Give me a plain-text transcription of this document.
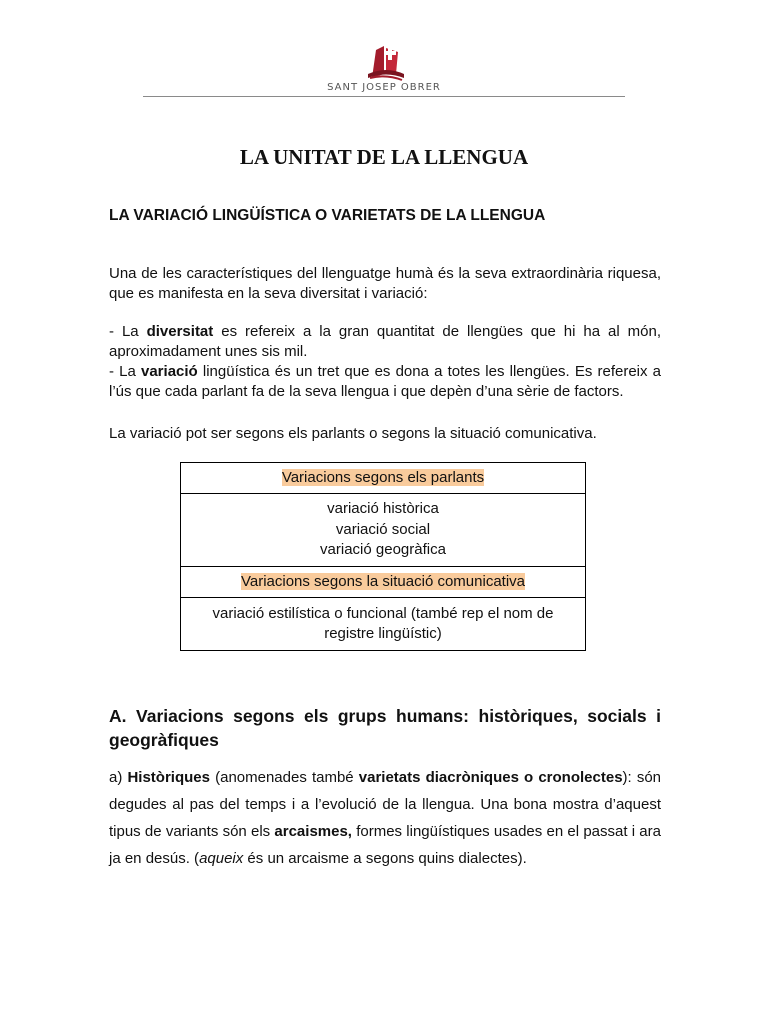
SANT JOSEP OBRER
LA UNITAT DE LA LLENGUA
LA VARIACIÓ LINGÜÍSTICA O VARIETATS DE LA LLENGUA

Una de les característiques del llenguatge humà és la seva extraordinària riquesa, que es manifesta en la seva diversitat i variació:

- La diversitat es refereix a la gran quantitat de llengües que hi ha al món, aproximadament unes sis mil.
- La variació lingüística és un tret que es dona a totes les llengües. Es refereix a l’ús que cada parlant fa de la seva llengua i que depèn d’una sèrie de factors.

La variació pot ser segons els parlants o segons la situació comunicativa.

Variacions segons els parlants

variació històrica
variació social
variació geogràfica

Variacions segons la situació comunicativa
variació estilística o funcional (també rep el nom de registre lingüístic)
A. Variacions segons els grups humans: històriques, socials i geogràfiques

a) Històriques (anomenades també varietats diacròniques o cronolectes): són degudes al pas del temps i a l’evolució de la llengua. Una bona mostra d’aquest tipus de variants són els arcaismes, formes lingüístiques usades en el passat i ara ja en desús. (aqueix és un arcaisme a segons quins dialectes).
